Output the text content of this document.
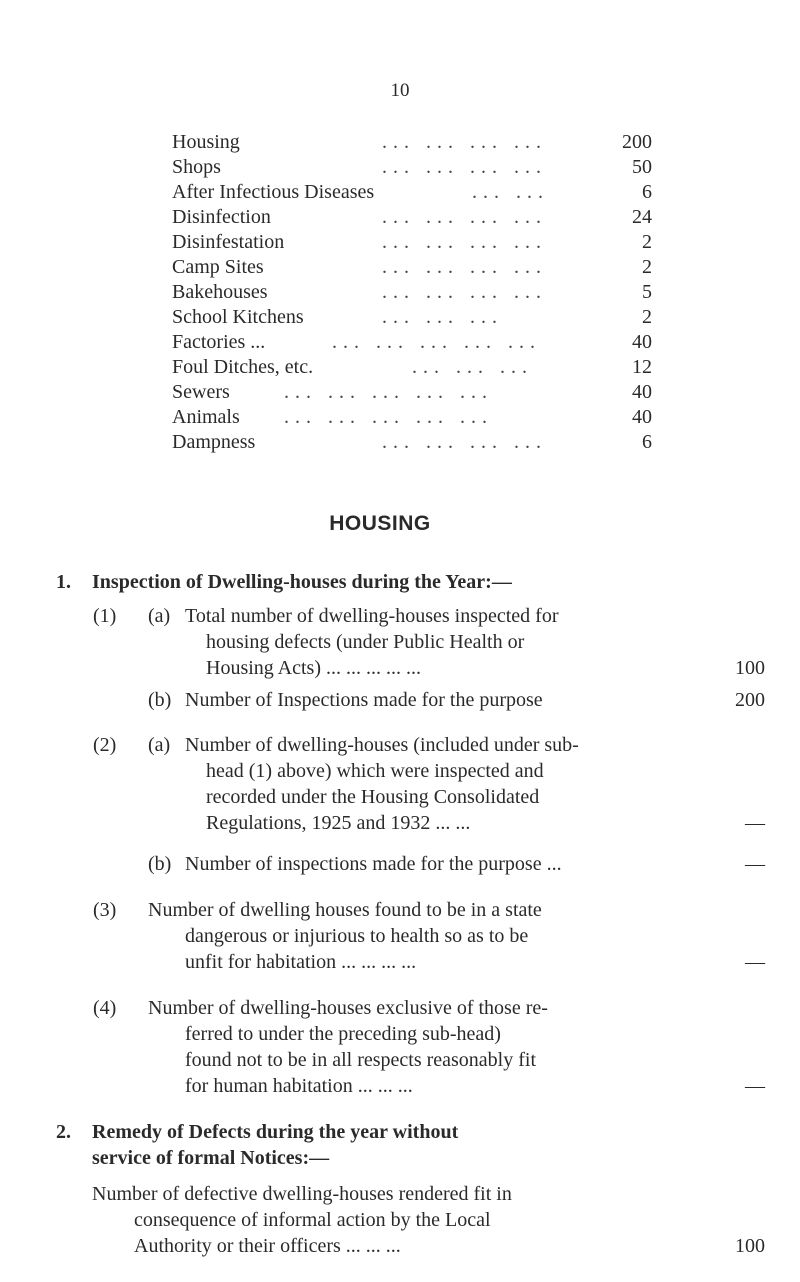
10
Housing	... ... ... ...	200
Shops	... ... ... ...	50
After Infectious Diseases	... ...	6
Disinfection	... ... ... ...	24
Disinfestation	... ... ... ...	2
Camp Sites	... ... ... ...	2
Bakehouses	... ... ... ...	5
School Kitchens	... ... ...	2
Factories ...	... ... ... ... ...	40
Foul Ditches, etc.	... ... ...	12
Sewers	... ... ... ... ...	40
Animals ... ... ... ... ...	40
Dampness	... ... ... ...	6
HOUSING
1. Inspection of Dwelling-houses during the Year:—
(1) (a) Total number of dwelling-houses inspected for
housing defects (under Public Health or
Housing Acts) ... ... ... ... ...	100
(b) Number of Inspections made for the purpose	200
(2) (a) Number of dwelling-houses (included under sub-
head (1) above) which were inspected and
recorded under the Housing Consolidated
Regulations, 1925 and 1932 ... ...	—
(b) Number of inspections made for the purpose ...	—
(3) Number of dwelling houses found to be in a state
dangerous or injurious to health so as to be
unfit for habitation ... ... ... ...	—
(4) Number of dwelling-houses exclusive of those re-
ferred to under the preceding sub-head)
found not to be in all respects reasonably fit
for human habitation ... ... ...	—
2. Remedy of Defects during the year without
service of formal Notices:—
Number of defective dwelling-houses rendered fit in
consequence of informal action by the Local
Authority or their officers ... ... ...	100
